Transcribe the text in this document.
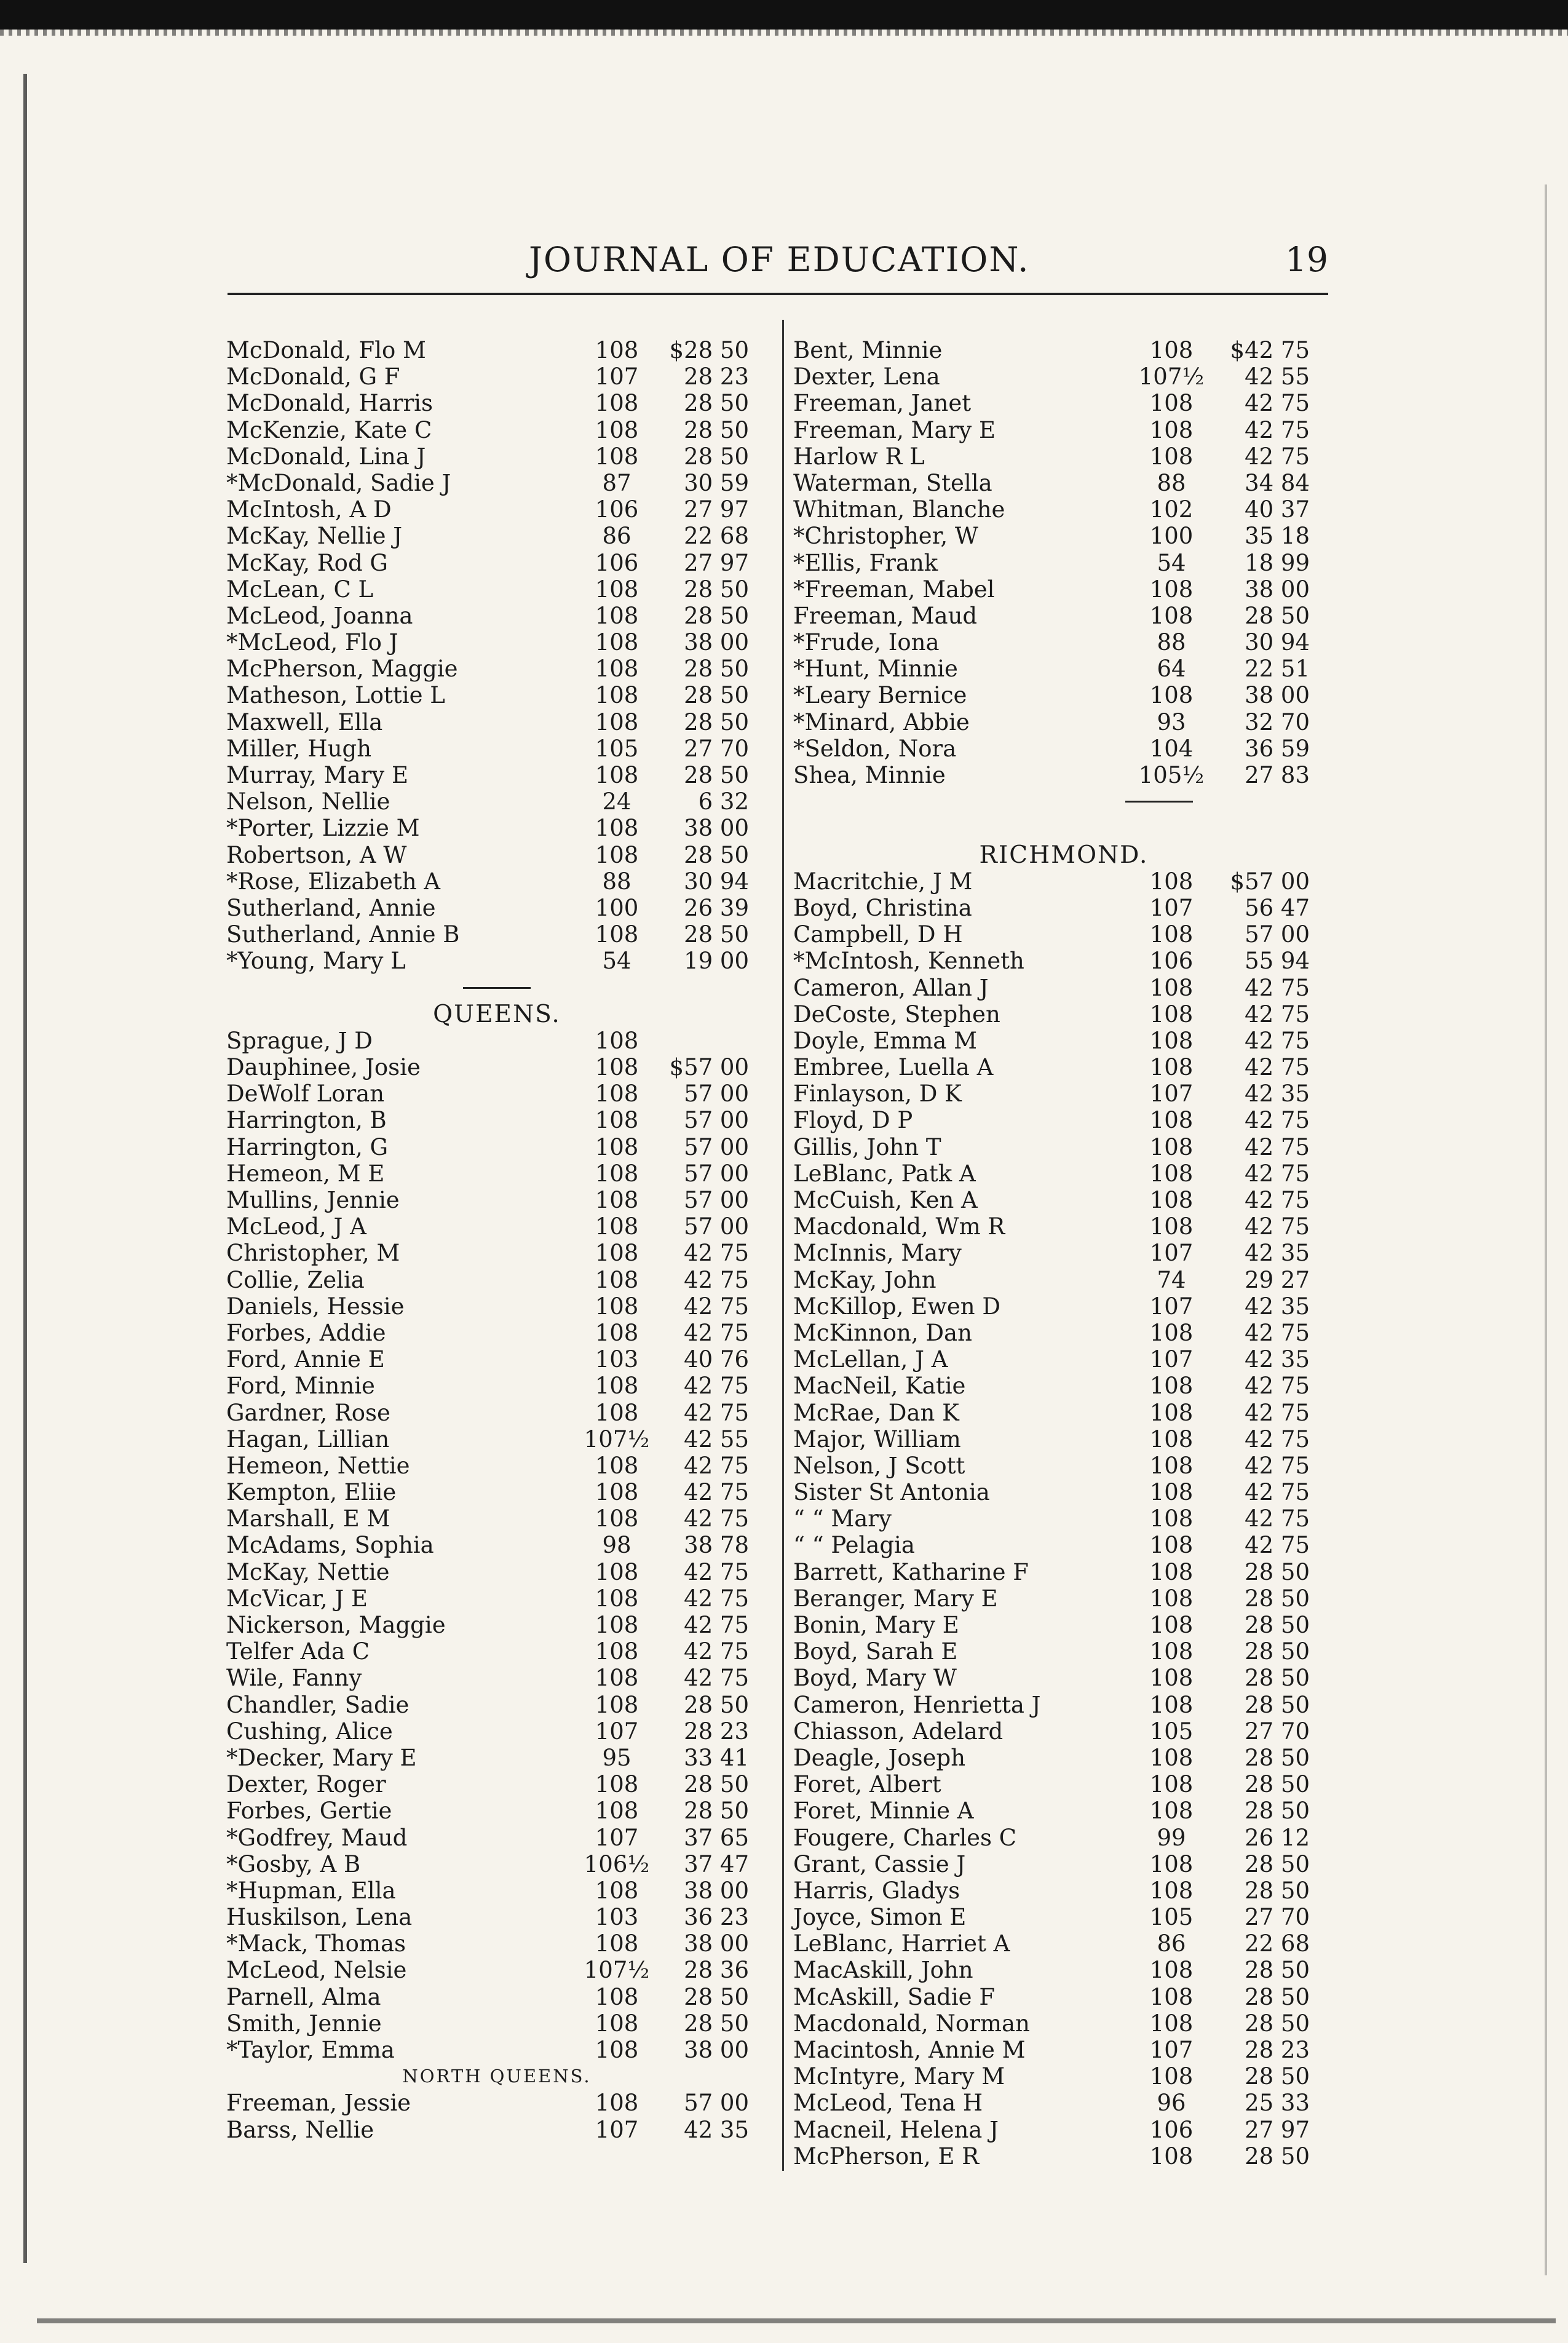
JOURNAL OF EDUCATION.	19
McDonald, Flo M	108	$28 50
McDonald, G F	107	28 23
McDonald, Harris	108	28 50
McKenzie, Kate C	108	28 50
McDonald, Lina J	108	28 50
*McDonald, Sadie J	87	30 59
McIntosh, A D	106	27 97
McKay, Nellie J	86	22 68
McKay, Rod G	106	27 97
McLean, C L	108	28 50
McLeod, Joanna	108	28 50
*McLeod, Flo J	108	38 00
McPherson, Maggie	108	28 50
Matheson, Lottie L	108	28 50
Maxwell, Ella	108	28 50
Miller, Hugh	105	27 70
Murray, Mary E	108	28 50
Nelson, Nellie	24	6 32
*Porter, Lizzie M	108	38 00
Robertson, A W	108	28 50
*Rose, Elizabeth A	88	30 94
Sutherland, Annie	100	26 39
Sutherland, Annie B	108	28 50
*Young, Mary L	54	19 00
QUEENS.
Sprague, J D	108
Dauphinee, Josie	108	$57 00
DeWolf Loran	108	57 00
Harrington, B	108	57 00
Harrington, G	108	57 00
Hemeon, M E	108	57 00
Mullins, Jennie	108	57 00
McLeod, J A	108	57 00
Christopher, M	108	42 75
Collie, Zelia	108	42 75
Daniels, Hessie	108	42 75
Forbes, Addie	108	42 75
Ford, Annie E	103	40 76
Ford, Minnie	108	42 75
Gardner, Rose	108	42 75
Hagan, Lillian	107½	42 55
Hemeon, Nettie	108	42 75
Kempton, Eliie	108	42 75
Marshall, E M	108	42 75
McAdams, Sophia	98	38 78
McKay, Nettie	108	42 75
McVicar, J E	108	42 75
Nickerson, Maggie	108	42 75
Telfer Ada C	108	42 75
Wile, Fanny	108	42 75
Chandler, Sadie	108	28 50
Cushing, Alice	107	28 23
*Decker, Mary E	95	33 41
Dexter, Roger	108	28 50
Forbes, Gertie	108	28 50
*Godfrey, Maud	107	37 65
*Gosby, A B	106½	37 47
*Hupman, Ella	108	38 00
Huskilson, Lena	103	36 23
*Mack, Thomas	108	38 00
McLeod, Nelsie	107½	28 36
Parnell, Alma	108	28 50
Smith, Jennie	108	28 50
*Taylor, Emma	108	38 00
NORTH QUEENS.
Freeman, Jessie	108	57 00
Barss, Nellie	107	42 35
Bent, Minnie	108	$42 75
Dexter, Lena	107½	42 55
Freeman, Janet	108	42 75
Freeman, Mary E	108	42 75
Harlow R L	108	42 75
Waterman, Stella	88	34 84
Whitman, Blanche	102	40 37
*Christopher, W	100	35 18
*Ellis, Frank	54	18 99
*Freeman, Mabel	108	38 00
Freeman, Maud	108	28 50
*Frude, Iona	88	30 94
*Hunt, Minnie	64	22 51
*Leary Bernice	108	38 00
*Minard, Abbie	93	32 70
*Seldon, Nora	104	36 59
Shea, Minnie	105½	27 83
RICHMOND.
Macritchie, J M	108	$57 00
Boyd, Christina	107	56 47
Campbell, D H	108	57 00
*McIntosh, Kenneth	106	55 94
Cameron, Allan J	108	42 75
DeCoste, Stephen	108	42 75
Doyle, Emma M	108	42 75
Embree, Luella A	108	42 75
Finlayson, D K	107	42 35
Floyd, D P	108	42 75
Gillis, John T	108	42 75
LeBlanc, Patk A	108	42 75
McCuish, Ken A	108	42 75
Macdonald, Wm R	108	42 75
McInnis, Mary	107	42 35
McKay, John	74	29 27
McKillop, Ewen D	107	42 35
McKinnon, Dan	108	42 75
McLellan, J A	107	42 35
MacNeil, Katie	108	42 75
McRae, Dan K	108	42 75
Major, William	108	42 75
Nelson, J Scott	108	42 75
Sister St Antonia	108	42 75
“ “ Mary	108	42 75
“ “ Pelagia	108	42 75
Barrett, Katharine F	108	28 50
Beranger, Mary E	108	28 50
Bonin, Mary E	108	28 50
Boyd, Sarah E	108	28 50
Boyd, Mary W	108	28 50
Cameron, Henrietta J	108	28 50
Chiasson, Adelard	105	27 70
Deagle, Joseph	108	28 50
Foret, Albert	108	28 50
Foret, Minnie A	108	28 50
Fougere, Charles C	99	26 12
Grant, Cassie J	108	28 50
Harris, Gladys	108	28 50
Joyce, Simon E	105	27 70
LeBlanc, Harriet A	86	22 68
MacAskill, John	108	28 50
McAskill, Sadie F	108	28 50
Macdonald, Norman	108	28 50
Macintosh, Annie M	107	28 23
McIntyre, Mary M	108	28 50
McLeod, Tena H	96	25 33
Macneil, Helena J	106	27 97
McPherson, E R	108	28 50
